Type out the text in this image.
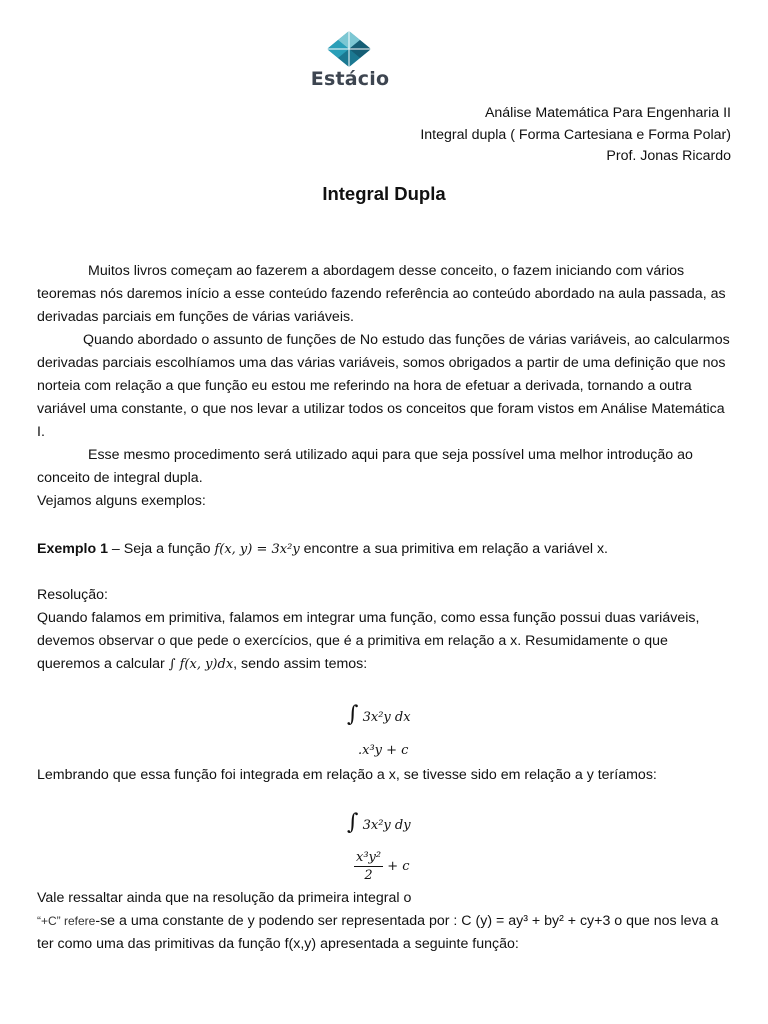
Estácio
Análise Matemática Para Engenharia II
Integral dupla ( Forma Cartesiana e Forma Polar)
Prof. Jonas Ricardo
Integral Dupla
Muitos livros começam ao fazerem a abordagem desse conceito, o fazem iniciando com vários teoremas nós daremos início a esse conteúdo fazendo referência ao conteúdo abordado na aula passada, as derivadas parciais em funções de várias variáveis.
Quando abordado o assunto de funções de No estudo das funções de várias variáveis, ao calcularmos derivadas parciais escolhíamos uma das várias variáveis, somos obrigados a partir de uma definição que nos norteia com relação a que função eu estou me referindo na hora de efetuar a derivada, tornando a outra variável uma constante, o que nos levar a utilizar todos os conceitos que foram vistos em Análise Matemática I.
Esse mesmo procedimento será utilizado aqui para que seja possível uma melhor introdução ao conceito de integral dupla.
Vejamos alguns exemplos:
Exemplo 1 – Seja a função f(x, y) = 3x²y encontre a sua primitiva em relação a variável x.
Resolução:
Quando falamos em primitiva, falamos em integrar uma função, como essa função possui duas variáveis, devemos observar o que pede o exercícios, que é a primitiva em relação a x. Resumidamente o que queremos a calcular ∫ f(x, y)dx, sendo assim temos:
∫ 3x²y dx
.x³y + c
Lembrando que essa função foi integrada em relação a x, se tivesse sido em relação a y teríamos:
∫ 3x²y dy
$\frac{\text{x³y²}}{2} + c$
Vale ressaltar ainda que na resolução da primeira integral o
“+C” refere-se a uma constante de y podendo ser representada por : C (y) = ay³ + by² + cy+3 o que nos leva a ter como uma das primitivas da função f(x,y) apresentada a seguinte função:
